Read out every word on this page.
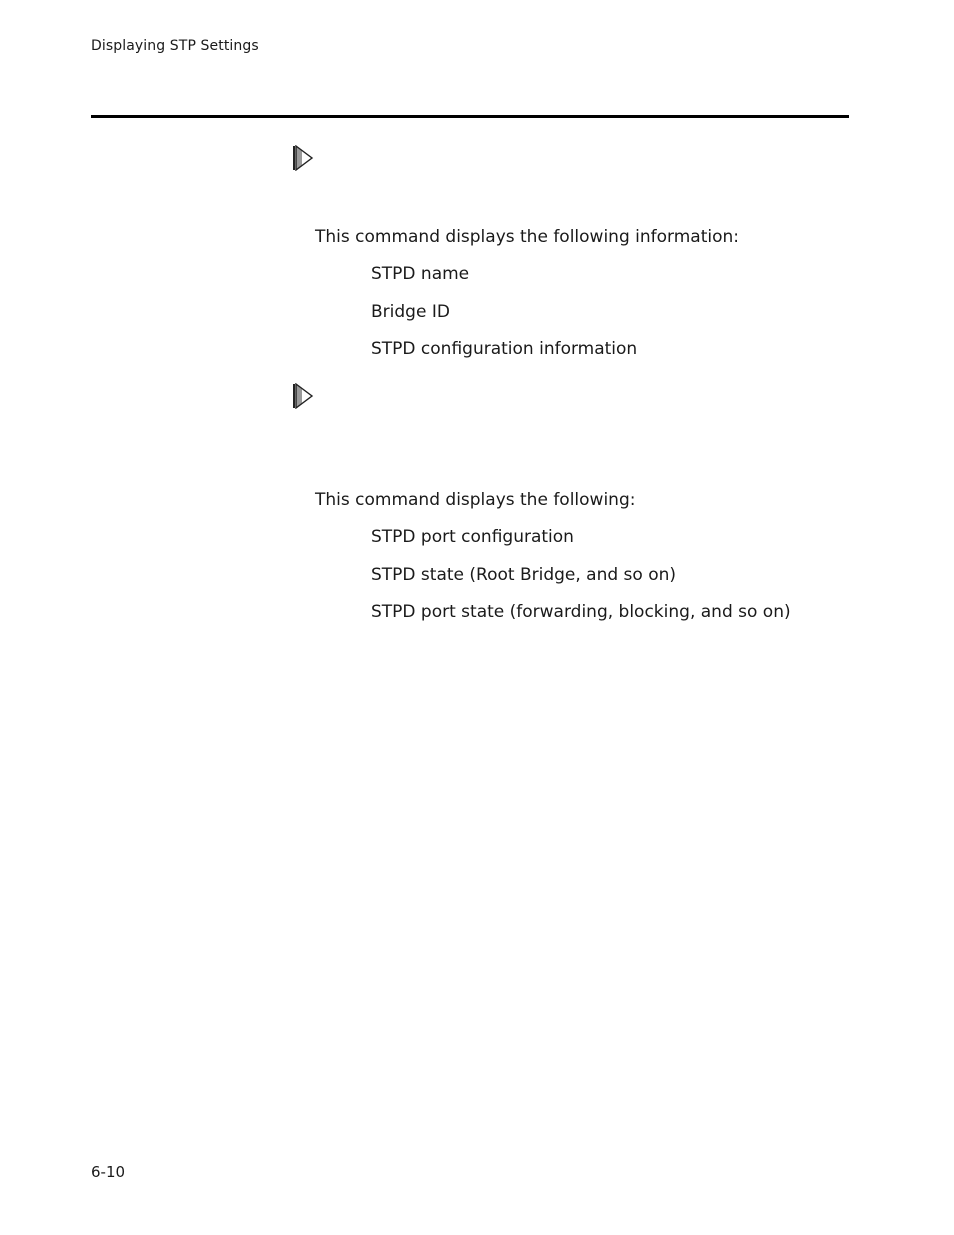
Displaying STP Settings
This command displays the following information:
STPD name
Bridge ID
STPD configuration information
This command displays the following:
STPD port configuration
STPD state (Root Bridge, and so on)
STPD port state (forwarding, blocking, and so on)
6-10
